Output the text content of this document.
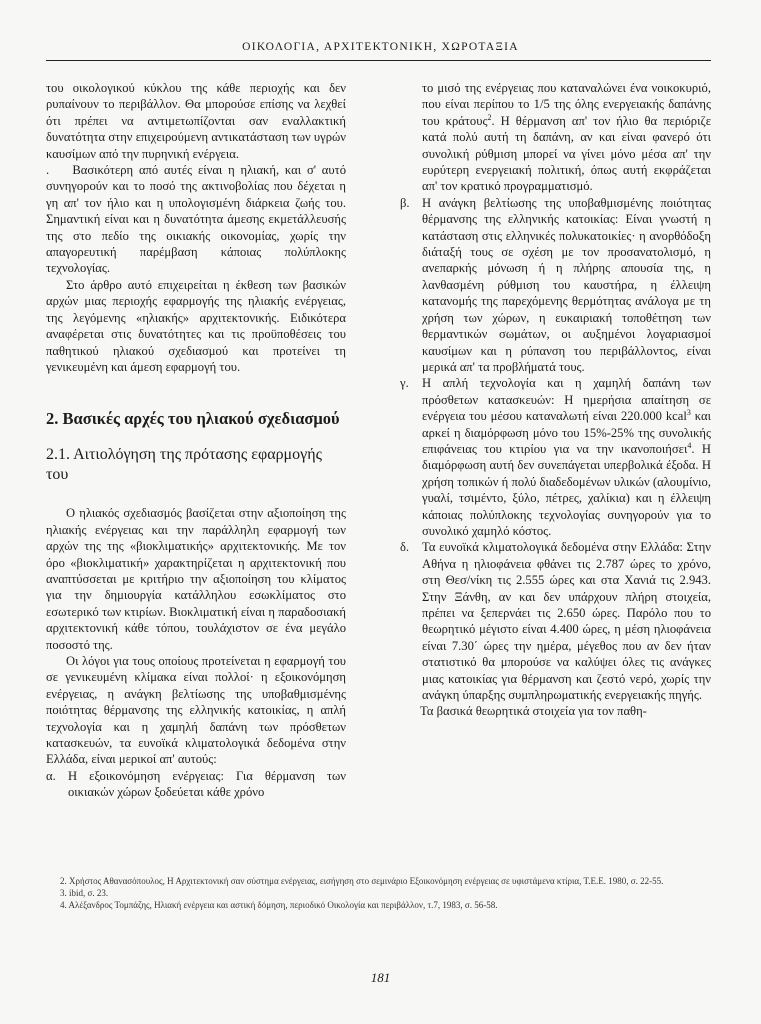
ΟΙΚΟΛΟΓΙΑ, ΑΡΧΙΤΕΚΤΟΝΙΚΗ, ΧΩΡΟΤΑΞΙΑ

του οικολογικού κύκλου της κάθε περιοχής και δεν ρυπαίνουν το περιβάλλον. Θα μπορούσε επίσης να λεχθεί ότι πρέπει να αντιμετωπίζονται σαν εναλλακτική δυνατότητα στην επιχειρούμενη αντικατάσταση των υγρών καυσίμων από την πυρηνική ενέργεια.

. Βασικότερη από αυτές είναι η ηλιακή, και σ' αυτό συνηγορούν και το ποσό της ακτινοβολίας που δέχεται η γη απ' τον ήλιο και η υπολογισμένη διάρκεια ζωής του. Σημαντική είναι και η δυνατότητα άμεσης εκμετάλλευσής της στο πεδίο της οικιακής οικονομίας, χωρίς την απαγορευτική παρέμβαση κάποιας πολύπλοκης τεχνολογίας.

Στο άρθρο αυτό επιχειρείται η έκθεση των βασικών αρχών μιας περιοχής εφαρμογής της ηλιακής ενέργειας, της λεγόμενης «ηλιακής» αρχιτεκτονικής. Ειδικότερα αναφέρεται στις δυνατότητες και τις προϋποθέσεις του παθητικού ηλιακού σχεδιασμού και προτείνει τη γενικευμένη και άμεση εφαρμογή του.

2. Βασικές αρχές του ηλιακού σχεδιασμού
2.1. Αιτιολόγηση της πρότασης εφαρμογής του

Ο ηλιακός σχεδιασμός βασίζεται στην αξιοποίηση της ηλιακής ενέργειας και την παράλληλη εφαρμογή των αρχών της της «βιοκλιματικής» αρχιτεκτονικής. Με τον όρο «βιοκλιματική» χαρακτηρίζεται η αρχιτεκτονική που αναπτύσσεται με κριτήριο την αξιοποίηση του κλίματος για την δημιουργία κατάλληλου εσωκλίματος στο εσωτερικό των κτιρίων. Βιοκλιματική είναι η παραδοσιακή αρχιτεκτονική κάθε τόπου, τουλάχιστον σε ένα μεγάλο ποσοστό της.

Οι λόγοι για τους οποίους προτείνεται η εφαρμογή του σε γενικευμένη κλίμακα είναι πολλοί· η εξοικονόμηση ενέργειας, η ανάγκη βελτίωσης της υποβαθμισμένης ποιότητας θέρμανσης της ελληνικής κατοικίας, η απλή τεχνολογία και η χαμηλή δαπάνη των πρόσθετων κατασκευών, τα ευνοϊκά κλιματολογικά δεδομένα στην Ελλάδα, είναι μερικοί απ' αυτούς:

α. Η εξοικονόμηση ενέργειας: Για θέρμανση των οικιακών χώρων ξοδεύεται κάθε χρόνο
το μισό της ενέργειας που καταναλώνει ένα νοικοκυριό, που είναι περίπου το 1/5 της όλης ενεργειακής δαπάνης του κράτους$^2$. Η θέρμανση απ' τον ήλιο θα περιόριζε κατά πολύ αυτή τη δαπάνη, αν και είναι φανερό ότι συνολική ρύθμιση μπορεί να γίνει μόνο μέσα απ' την ευρύτερη ενεργειακή πολιτική, όπως αυτή εκφράζεται απ' τον κρατικό προγραμματισμό.
β. Η ανάγκη βελτίωσης της υποβαθμισμένης ποιότητας θέρμανσης της ελληνικής κατοικίας: Είναι γνωστή η κατάσταση στις ελληνικές πολυκατοικίες· η ανορθόδοξη διάταξή τους σε σχέση με τον προσανατολισμό, η ανεπαρκής μόνωση ή η πλήρης απουσία της, η λανθασμένη ρύθμιση του καυστήρα, η έλλειψη κατανομής της παρεχόμενης θερμότητας ανάλογα με τη χρήση των χώρων, η ευκαιριακή τοποθέτηση των θερμαντικών σωμάτων, οι αυξημένοι λογαριασμοί καυσίμων και η ρύπανση του περιβάλλοντος, είναι μερικά απ' τα προβλήματά τους.
γ. Η απλή τεχνολογία και η χαμηλή δαπάνη των πρόσθετων κατασκευών: Η ημερήσια απαίτηση σε ενέργεια του μέσου καταναλωτή είναι 220.000 kcal$^3$ και αρκεί η διαμόρφωση μόνο του 15%-25% της συνολικής επιφάνειας του κτιρίου για να την ικανοποιήσει$^4$. Η διαμόρφωση αυτή δεν συνεπάγεται υπερβολικά έξοδα. Η χρήση τοπικών ή πολύ διαδεδομένων υλικών (αλουμίνιο, γυαλί, τσιμέντο, ξύλο, πέτρες, χαλίκια) και η έλλειψη κάποιας πολύπλοκης τεχνολογίας συνηγορούν για το συνολικό χαμηλό κόστος.
δ. Τα ευνοϊκά κλιματολογικά δεδομένα στην Ελλάδα: Στην Αθήνα η ηλιοφάνεια φθάνει τις 2.787 ώρες το χρόνο, στη Θεσ/νίκη τις 2.555 ώρες και στα Χανιά τις 2.943. Στην Ξάνθη, αν και δεν υπάρχουν πλήρη στοιχεία, πρέπει να ξεπερνάει τις 2.650 ώρες. Παρόλο που το θεωρητικό μέγιστο είναι 4.400 ώρες, η μέση ηλιοφάνεια είναι 7.30΄ ώρες την ημέρα, μέγεθος που αν δεν ήταν στατιστικό θα μπορούσε να καλύψει όλες τις ανάγκες μιας κατοικίας για θέρμανση και ζεστό νερό, χωρίς την ανάγκη ύπαρξης συμπληρωματικής ενεργειακής πηγής.

Τα βασικά θεωρητικά στοιχεία για τον παθη-

2. Χρήστος Αθανασόπουλος, Η Αρχιτεκτονική σαν σύστημα ενέργειας, εισήγηση στο σεμινάριο Εξοικονόμηση ενέργειας σε υφιστάμενα κτίρια, Τ.Ε.Ε. 1980, σ. 22-55.

3. ibid, σ. 23.

4. Αλέξανδρος Τομπάζης, Ηλιακή ενέργεια και αστική δόμηση, περιοδικό Οικολογία και περιβάλλον, τ.7, 1983, σ. 56-58.

181
